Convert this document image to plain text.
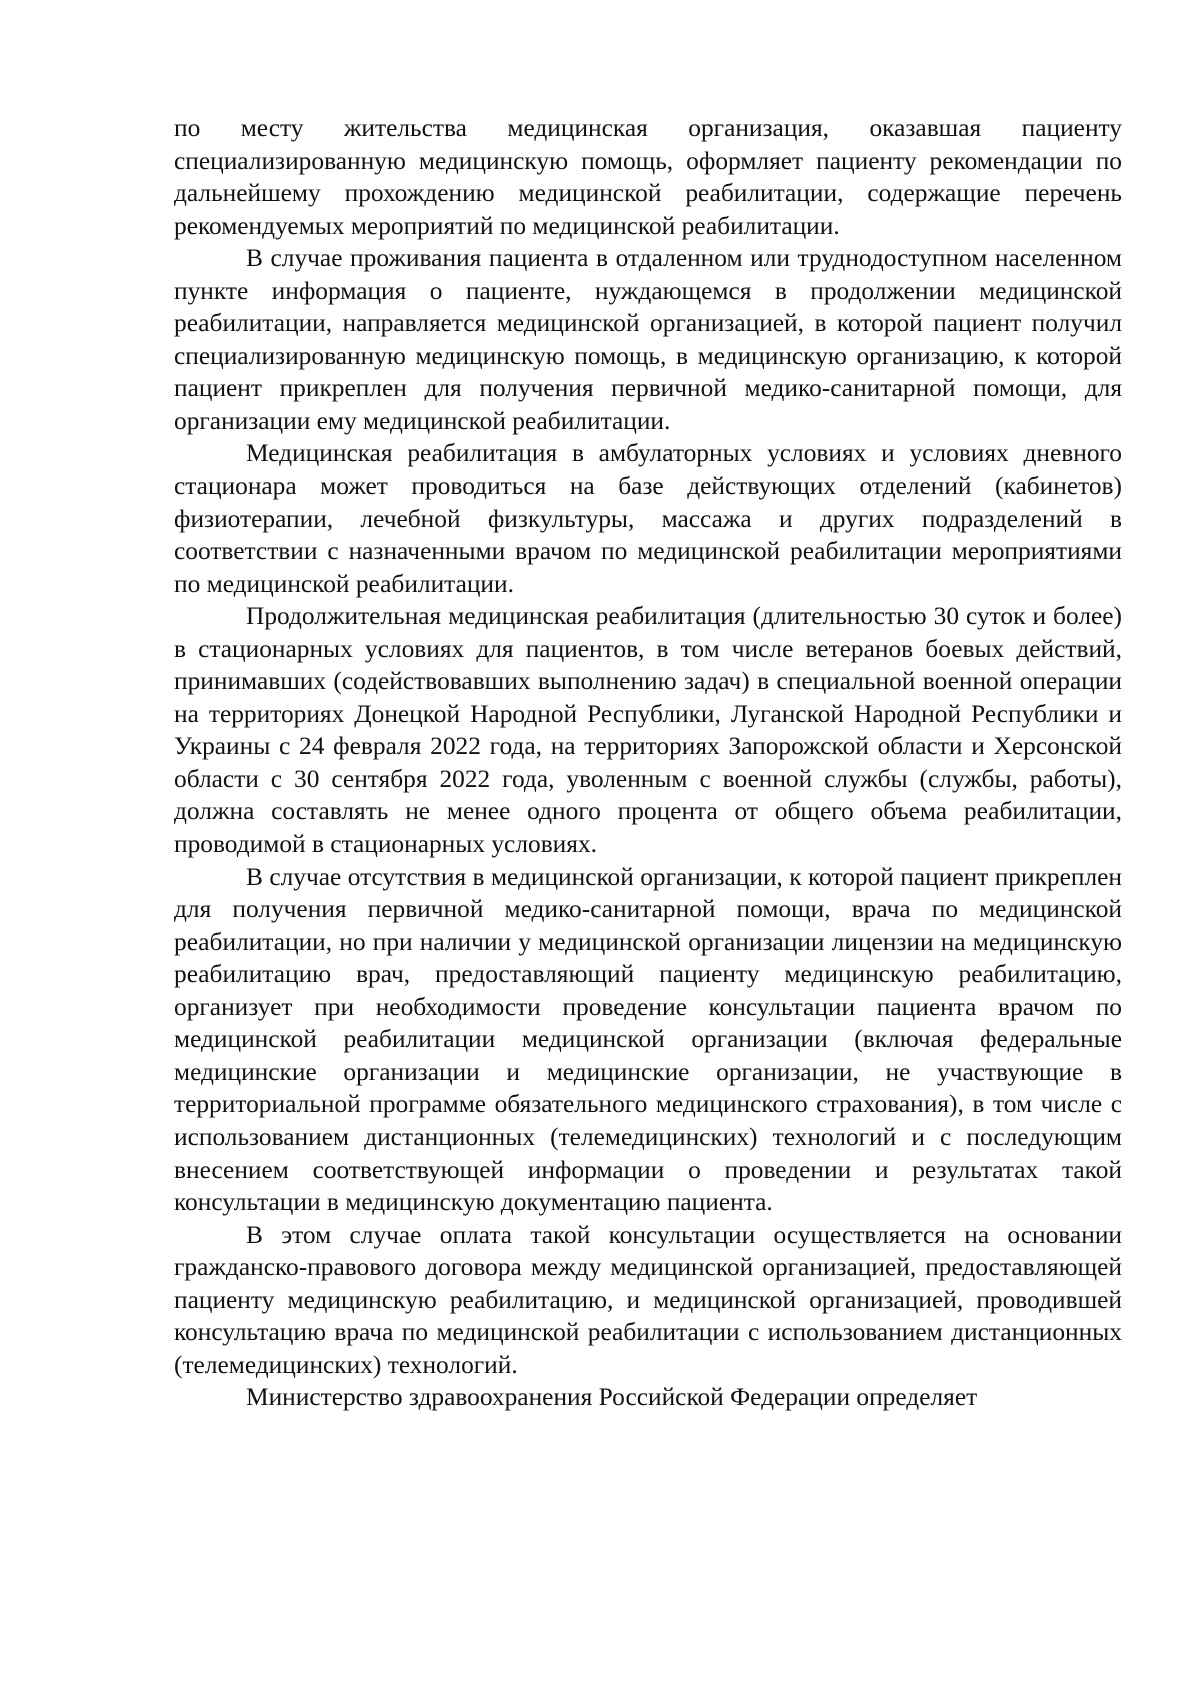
по месту жительства медицинская организация, оказавшая пациенту специализированную медицинскую помощь, оформляет пациенту рекомендации по дальнейшему прохождению медицинской реабилитации, содержащие перечень рекомендуемых мероприятий по медицинской реабилитации.

В случае проживания пациента в отдаленном или труднодоступном населенном пункте информация о пациенте, нуждающемся в продолжении медицинской реабилитации, направляется медицинской организацией, в которой пациент получил специализированную медицинскую помощь, в медицинскую организацию, к которой пациент прикреплен для получения первичной медико-санитарной помощи, для организации ему медицинской реабилитации.

Медицинская реабилитация в амбулаторных условиях и условиях дневного стационара может проводиться на базе действующих отделений (кабинетов) физиотерапии, лечебной физкультуры, массажа и других подразделений в соответствии с назначенными врачом по медицинской реабилитации мероприятиями по медицинской реабилитации.

Продолжительная медицинская реабилитация (длительностью 30 суток и более) в стационарных условиях для пациентов, в том числе ветеранов боевых действий, принимавших (содействовавших выполнению задач) в специальной военной операции на территориях Донецкой Народной Республики, Луганской Народной Республики и Украины с 24 февраля 2022 года, на территориях Запорожской области и Херсонской области с 30 сентября 2022 года, уволенным с военной службы (службы, работы), должна составлять не менее одного процента от общего объема реабилитации, проводимой в стационарных условиях.

В случае отсутствия в медицинской организации, к которой пациент прикреплен для получения первичной медико-санитарной помощи, врача по медицинской реабилитации, но при наличии у медицинской организации лицензии на медицинскую реабилитацию врач, предоставляющий пациенту медицинскую реабилитацию, организует при необходимости проведение консультации пациента врачом по медицинской реабилитации медицинской организации (включая федеральные медицинские организации и медицинские организации, не участвующие в территориальной программе обязательного медицинского страхования), в том числе с использованием дистанционных (телемедицинских) технологий и с последующим внесением соответствующей информации о проведении и результатах такой консультации в медицинскую документацию пациента.

В этом случае оплата такой консультации осуществляется на основании гражданско-правового договора между медицинской организацией, предоставляющей пациенту медицинскую реабилитацию, и медицинской организацией, проводившей консультацию врача по медицинской реабилитации с использованием дистанционных (телемедицинских) технологий.

Министерство здравоохранения Российской Федерации определяет
